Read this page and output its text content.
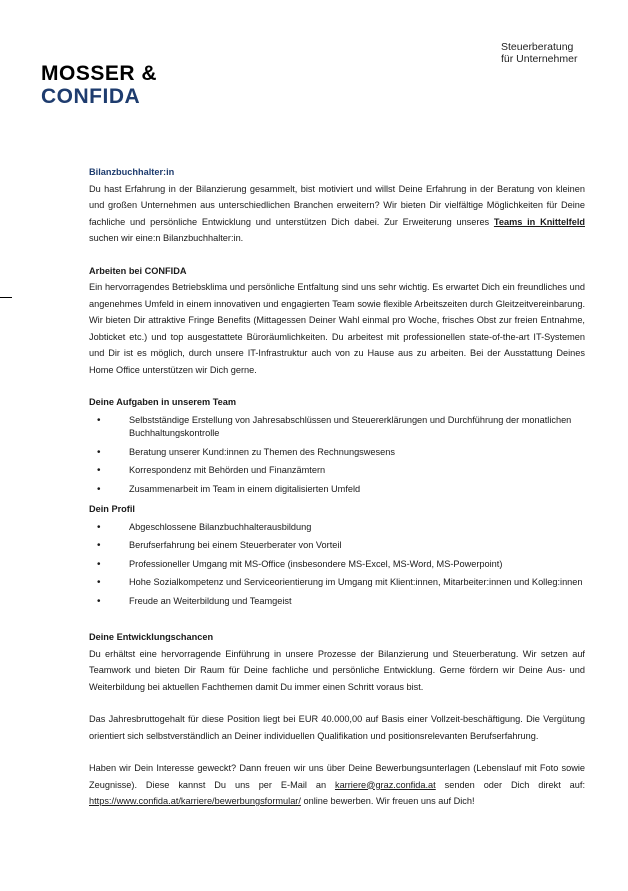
MOSSER &
CONFIDA
Steuerberatung
für Unternehmer
Bilanzbuchhalter:in

Du hast Erfahrung in der Bilanzierung gesammelt, bist motiviert und willst Deine Erfahrung in der Beratung von kleinen und großen Unternehmen aus unterschiedlichen Branchen erweitern? Wir bieten Dir vielfältige Möglichkeiten für Deine fachliche und persönliche Entwicklung und unterstützen Dich dabei. Zur Erweiterung unseres Teams in Knittelfeld suchen wir eine:n Bilanzbuchhalter:in.

Arbeiten bei CONFIDA

Ein hervorragendes Betriebsklima und persönliche Entfaltung sind uns sehr wichtig. Es erwartet Dich ein freundliches und angenehmes Umfeld in einem innovativen und engagierten Team sowie flexible Arbeitszeiten durch Gleitzeitvereinbarung. Wir bieten Dir attraktive Fringe Benefits (Mittagessen Deiner Wahl einmal pro Woche, frisches Obst zur freien Entnahme, Jobticket etc.) und top ausgestattete Büroräumlichkeiten. Du arbeitest mit professionellen state-of-the-art IT-Systemen und Dir ist es möglich, durch unsere IT-Infrastruktur auch von zu Hause aus zu arbeiten. Bei der Ausstattung Deines Home Office unterstützen wir Dich gerne.

Deine Aufgaben in unserem Team
•	Selbstständige Erstellung von Jahresabschlüssen und Steuererklärungen und Durchführung der monatlichen Buchhaltungskontrolle
•	Beratung unserer Kund:innen zu Themen des Rechnungswesens
•	Korrespondenz mit Behörden und Finanzämtern
•	Zusammenarbeit im Team in einem digitalisierten Umfeld
Dein Profil
•	Abgeschlossene Bilanzbuchhalterausbildung
•	Berufserfahrung bei einem Steuerberater von Vorteil
•	Professioneller Umgang mit MS-Office (insbesondere MS-Excel, MS-Word, MS-Powerpoint)
•	Hohe Sozialkompetenz und Serviceorientierung im Umgang mit Klient:innen, Mitarbeiter:innen und Kolleg:innen
•	Freude an Weiterbildung und Teamgeist
Deine Entwicklungschancen

Du erhältst eine hervorragende Einführung in unsere Prozesse der Bilanzierung und Steuerberatung. Wir setzen auf Teamwork und bieten Dir Raum für Deine fachliche und persönliche Entwicklung. Gerne fördern wir Deine Aus- und Weiterbildung bei aktuellen Fachthemen damit Du immer einen Schritt voraus bist.

Das Jahresbruttogehalt für diese Position liegt bei EUR 40.000,00 auf Basis einer Vollzeit-beschäftigung. Die Vergütung orientiert sich selbstverständlich an Deiner individuellen Qualifikation und positionsrelevanten Berufserfahrung.

Haben wir Dein Interesse geweckt? Dann freuen wir uns über Deine Bewerbungsunterlagen (Lebenslauf mit Foto sowie Zeugnisse). Diese kannst Du uns per E-Mail an karriere@graz.confida.at senden oder Dich direkt auf: https://www.confida.at/karriere/bewerbungsformular/ online bewerben. Wir freuen uns auf Dich!
